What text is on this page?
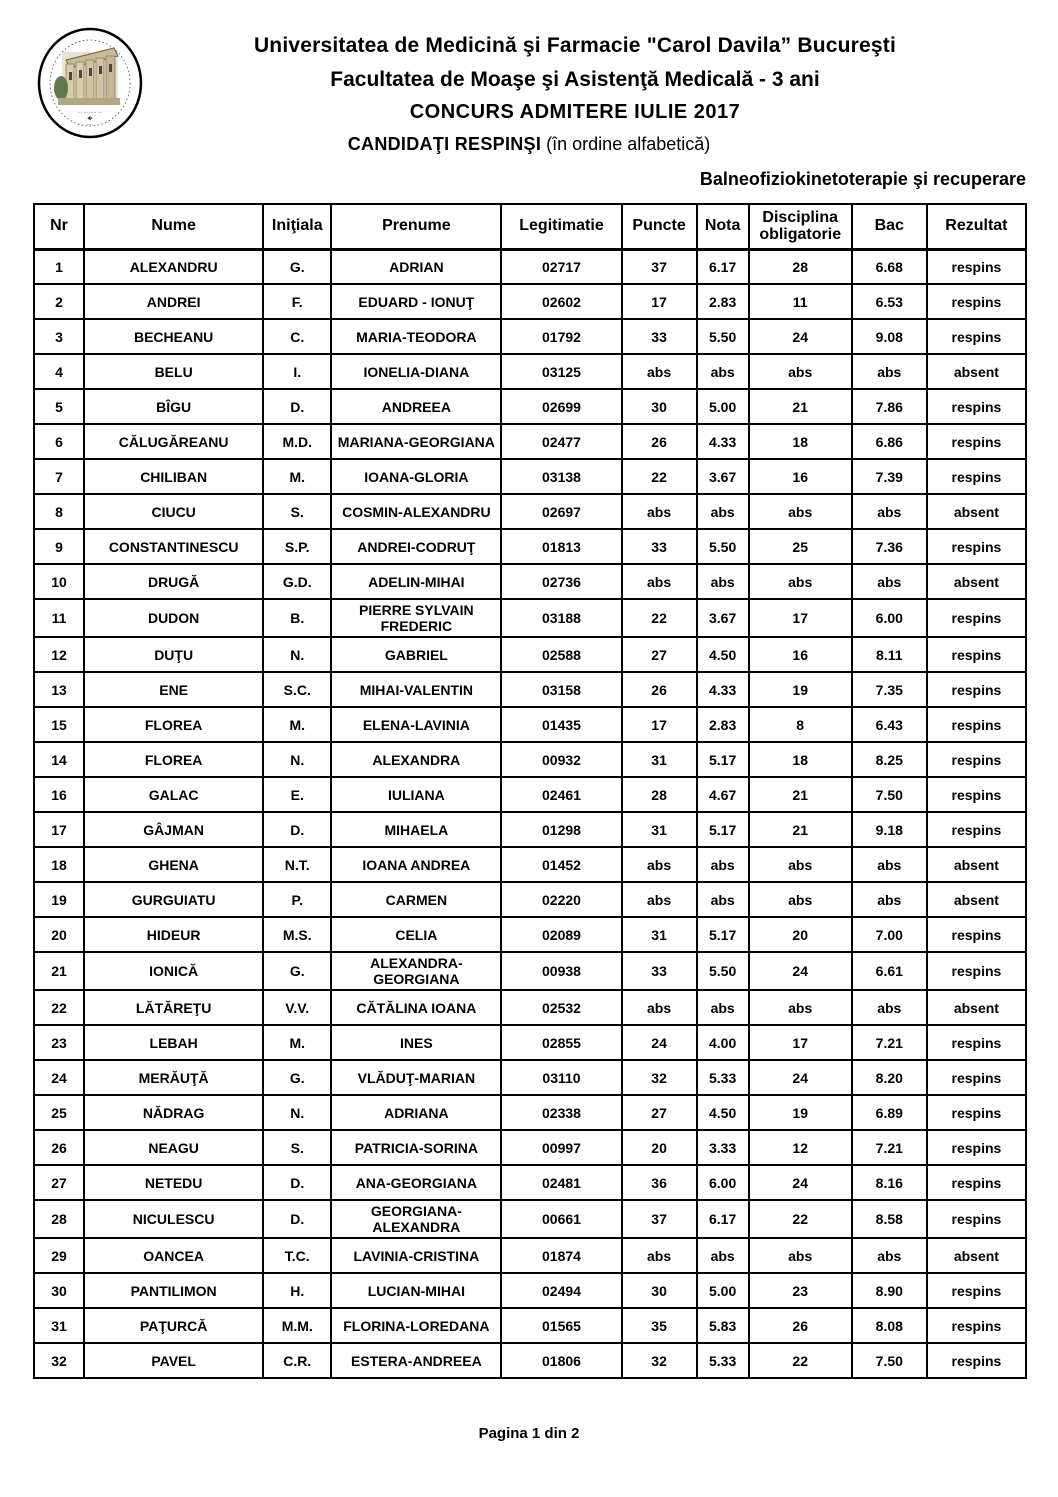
··· ··· ····· ···
·�·
····
Universitatea de Medicină şi Farmacie "Carol Davila” Bucureşti
Facultatea de Moaşe şi Asistenţă Medicală - 3 ani
CONCURS ADMITERE IULIE 2017
CANDIDAŢI RESPINŞI (în ordine alfabetică)
Balneofiziokinetoterapie şi recuperare
Nr	Nume	Iniţiala	Prenume	Legitimatie	Puncte	Nota	Disciplina obligatorie	Bac	Rezultat
1	ALEXANDRU	G.	ADRIAN	02717	37	6.17	28	6.68	respins
2	ANDREI	F.	EDUARD - IONUŢ	02602	17	2.83	11	6.53	respins
3	BECHEANU	C.	MARIA-TEODORA	01792	33	5.50	24	9.08	respins
4	BELU	I.	IONELIA-DIANA	03125	abs	abs	abs	abs	absent
5	BÎGU	D.	ANDREEA	02699	30	5.00	21	7.86	respins
6	CĂLUGĂREANU	M.D.	MARIANA-GEORGIANA	02477	26	4.33	18	6.86	respins
7	CHILIBAN	M.	IOANA-GLORIA	03138	22	3.67	16	7.39	respins
8	CIUCU	S.	COSMIN-ALEXANDRU	02697	abs	abs	abs	abs	absent
9	CONSTANTINESCU	S.P.	ANDREI-CODRUŢ	01813	33	5.50	25	7.36	respins
10	DRUGĂ	G.D.	ADELIN-MIHAI	02736	abs	abs	abs	abs	absent
11	DUDON	B.	PIERRE SYLVAIN FREDERIC	03188	22	3.67	17	6.00	respins
12	DUŢU	N.	GABRIEL	02588	27	4.50	16	8.11	respins
13	ENE	S.C.	MIHAI-VALENTIN	03158	26	4.33	19	7.35	respins
15	FLOREA	M.	ELENA-LAVINIA	01435	17	2.83	8	6.43	respins
14	FLOREA	N.	ALEXANDRA	00932	31	5.17	18	8.25	respins
16	GALAC	E.	IULIANA	02461	28	4.67	21	7.50	respins
17	GÂJMAN	D.	MIHAELA	01298	31	5.17	21	9.18	respins
18	GHENA	N.T.	IOANA ANDREA	01452	abs	abs	abs	abs	absent
19	GURGUIATU	P.	CARMEN	02220	abs	abs	abs	abs	absent
20	HIDEUR	M.S.	CELIA	02089	31	5.17	20	7.00	respins
21	IONICĂ	G.	ALEXANDRA-GEORGIANA	00938	33	5.50	24	6.61	respins
22	LĂTĂREŢU	V.V.	CĂTĂLINA IOANA	02532	abs	abs	abs	abs	absent
23	LEBAH	M.	INES	02855	24	4.00	17	7.21	respins
24	MERĂUŢĂ	G.	VLĂDUŢ-MARIAN	03110	32	5.33	24	8.20	respins
25	NĂDRAG	N.	ADRIANA	02338	27	4.50	19	6.89	respins
26	NEAGU	S.	PATRICIA-SORINA	00997	20	3.33	12	7.21	respins
27	NETEDU	D.	ANA-GEORGIANA	02481	36	6.00	24	8.16	respins
28	NICULESCU	D.	GEORGIANA-ALEXANDRA	00661	37	6.17	22	8.58	respins
29	OANCEA	T.C.	LAVINIA-CRISTINA	01874	abs	abs	abs	abs	absent
30	PANTILIMON	H.	LUCIAN-MIHAI	02494	30	5.00	23	8.90	respins
31	PAŢURCĂ	M.M.	FLORINA-LOREDANA	01565	35	5.83	26	8.08	respins
32	PAVEL	C.R.	ESTERA-ANDREEA	01806	32	5.33	22	7.50	respins
Pagina 1 din 2
